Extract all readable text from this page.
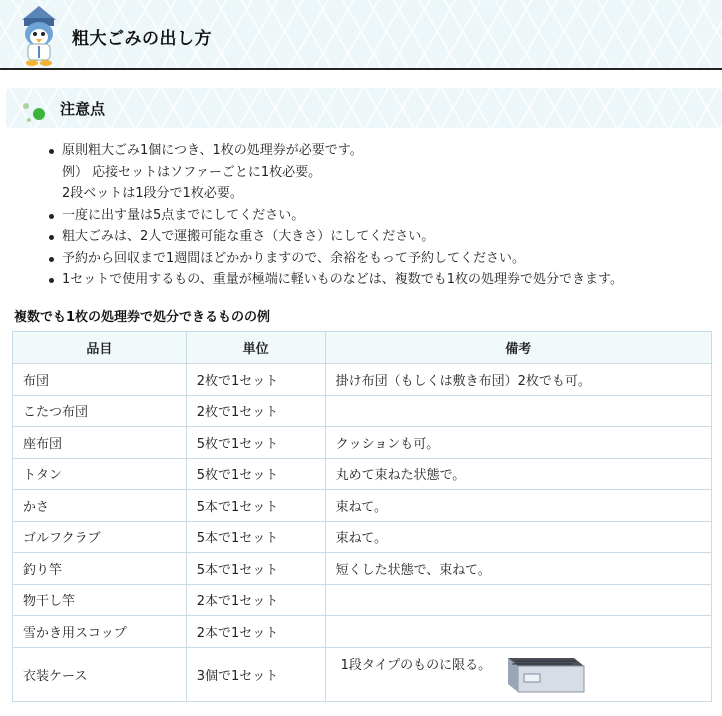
粗大ごみの出し方
注意点
原則粗大ごみ1個につき、1枚の処理券が必要です。
例） 応接セットはソファーごとに1枚必要。
2段ベットは1段分で1枚必要。
一度に出す量は5点までにしてください。
粗大ごみは、2人で運搬可能な重さ（大きさ）にしてください。
予約から回収まで1週間ほどかかりますので、余裕をもって予約してください。
1セットで使用するもの、重量が極端に軽いものなどは、複数でも1枚の処理券で処分できます。
複数でも1枚の処理券で処分できるものの例
品目	単位	備考
布団	2枚で1セット	掛け布団（もしくは敷き布団）2枚でも可。
こたつ布団	2枚で1セット	
座布団	5枚で1セット	クッションも可。
トタン	5枚で1セット	丸めて束ねた状態で。
かさ	5本で1セット	束ねて。
ゴルフクラブ	5本で1セット	束ねて。
釣り竿	5本で1セット	短くした状態で、束ねて。
物干し竿	2本で1セット	
雪かき用スコップ	2本で1セット	
衣装ケース	3個で1セット	1段タイプのものに限る。
